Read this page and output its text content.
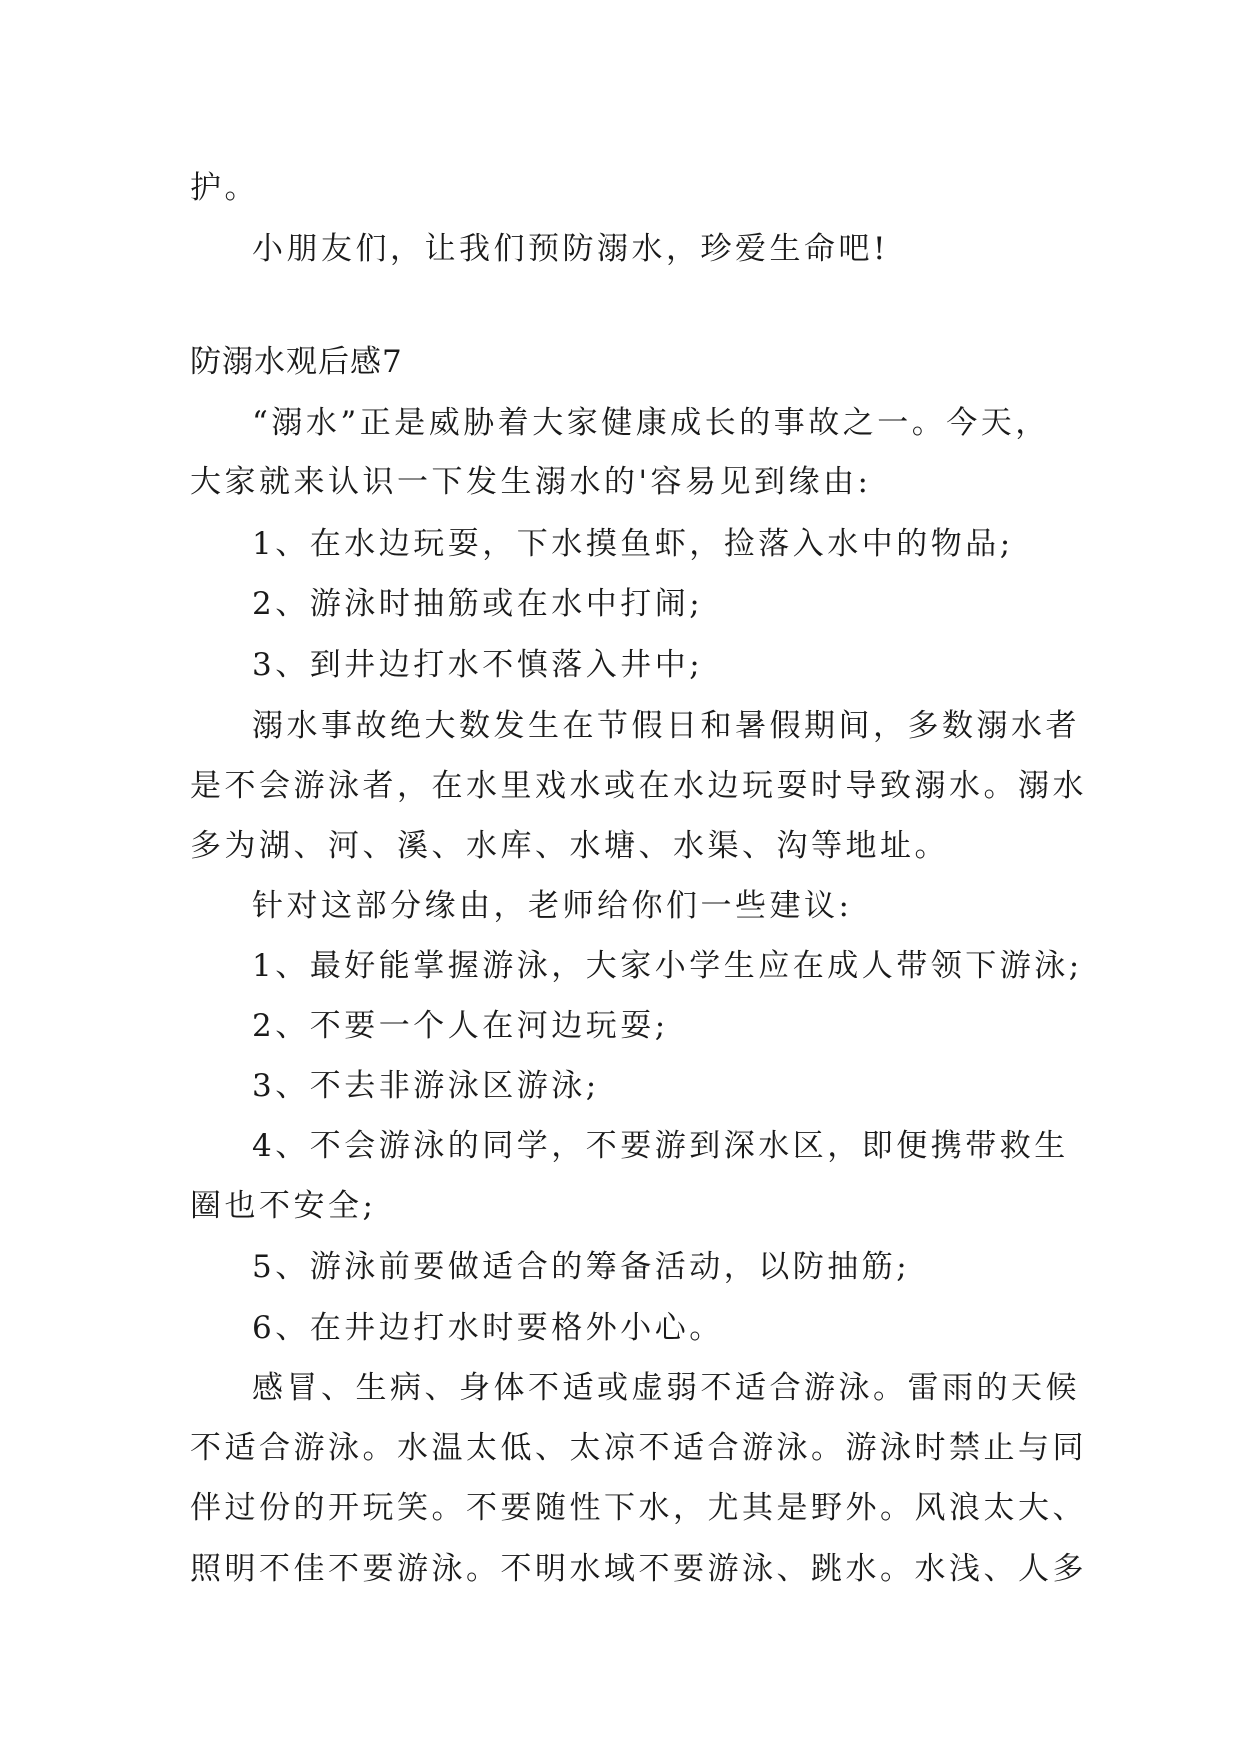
护。
小朋友们，让我们预防溺水，珍爱生命吧!
防溺水观后感7
“溺水”正是威胁着大家健康成长的事故之一。今天，
大家就来认识一下发生溺水的'容易见到缘由:
1、在水边玩耍，下水摸鱼虾，捡落入水中的物品;
2、游泳时抽筋或在水中打闹;
3、到井边打水不慎落入井中;
溺水事故绝大数发生在节假日和暑假期间，多数溺水者
是不会游泳者，在水里戏水或在水边玩耍时导致溺水。溺水
多为湖、河、溪、水库、水塘、水渠、沟等地址。
针对这部分缘由，老师给你们一些建议:
1、最好能掌握游泳，大家小学生应在成人带领下游泳;
2、不要一个人在河边玩耍;
3、不去非游泳区游泳;
4、不会游泳的同学，不要游到深水区，即便携带救生
圈也不安全;
5、游泳前要做适合的筹备活动，以防抽筋;
6、在井边打水时要格外小心。
感冒、生病、身体不适或虚弱不适合游泳。雷雨的天候
不适合游泳。水温太低、太凉不适合游泳。游泳时禁止与同
伴过份的开玩笑。不要随性下水，尤其是野外。风浪太大、
照明不佳不要游泳。不明水域不要游泳、跳水。水浅、人多
